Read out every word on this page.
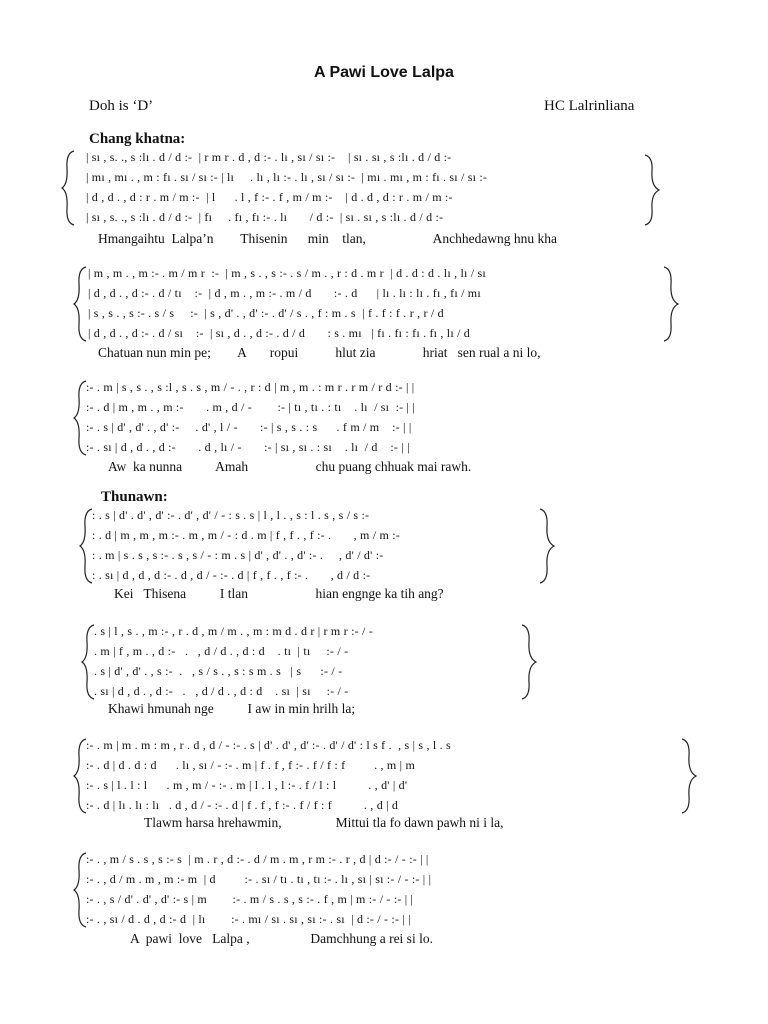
A Pawi Love Lalpa
Doh is ‘D’	HC Lalrinliana
Chang khatna:
Thunawn:
| sı , s. ., s :lı . d / d :-  | r m r . d , d :- . lı , sı / sı :-    | sı . sı , s :lı . d / d :-
| mı , mı . , m : fı . sı / sı :- | lı     . lı , lı :- . lı , sı / sı :-  | mı . mı , m : fı . sı / sı :-
| d , d . , d : r . m / m :-  | l      . l , f :- . f , m / m :-    | d . d , d : r . m / m :-
| sı , s. ., s :lı . d / d :-  | fı     . fı , fı :- . lı       / d :-  | sı . sı , s :lı . d / d :-
Hmangaihtu  Lalpa’n        Thisenin      min    tlan,                    Anchhedawng hnu kha
| m , m . , m :- . m / m r  :-  | m , s . , s :- . s / m . , r : d . m r  | d . d : d . lı , lı / sı
| d , d . , d :- . d / tı    :-  | d , m . , m :- . m / d       :- . d      | lı . lı : lı . fı , fı / mı
| s , s . , s :- . s / s     :-  | s , d' . , d' :- . d' / s . , f : m . s  | f . f : f . r , r / d
| d , d . , d :- . d / sı    :-  | sı , d . , d :- . d / d       : s . mı   | fı . fı : fı . fı , lı / d
Chatuan nun min pe;        A       ropui           hlut zia              hriat   sen rual a ni lo,
:- . m | s , s . , s :l , s . s , m / - . , r : d | m , m . : m r . r m / r d :- | |
:- . d | m , m . , m :-       . m , d / -        :- | tı , tı . : tı    . lı  / sı  :- | |
:- . s | d' , d' . , d' :-     . d' , l / -       :- | s , s . : s      . f m / m    :- | |
:- . sı | d , d . , d :-       . d , lı / -       :- | sı , sı . : sı    . lı  / d    :- | |
Aw  ka nunna          Amah                    chu puang chhuak mai rawh.
: . s | d' . d' , d' :- . d' , d' / - : s . s | l , l . , s : l . s , s / s :-
: . d | m , m , m :- . m , m / - : d . m | f , f . , f :- .       , m / m :-
: . m | s . s , s :- . s , s / - : m . s | d' , d' . , d' :- .     , d' / d' :-
: . sı | d , d , d :- . d , d / - :- . d | f , f . , f :- .       , d / d :-
Kei   Thisena          I tlan                    hian engnge ka tih ang?
. s | l , s . , m :- , r . d , m / m . , m : m d . d r | r m r :- / -
. m | f , m . , d :-   .   , d / d . , d : d    . tı  | tı     :- / -
. s | d' , d' . , s :-  .   , s / s . , s : s m . s   | s      :- / -
. sı | d , d . , d :-   .   , d / d . , d : d    . sı  | sı     :- / -
Khawi hmunah nge          I aw in min hrilh la;
:- . m | m . m : m , r . d , d / - :- . s | d' . d' , d' :- . d' / d' : l s f .  , s | s , l . s
:- . d | d . d : d      . lı , sı / - :- . m | f . f , f :- . f / f : f         . , m | m
:- . s | l . l : l      . m , m / - :- . m | l . l , l :- . f / l : l          . , d' | d'
:- . d | lı . lı : lı   . d , d / - :- . d | f . f , f :- . f / f : f          . , d | d
Tlawm harsa hrehawmin,                Mittui tla fo dawn pawh ni i la,
:- . , m / s . s , s :- s  | m . r , d :- . d / m . m , r m :- . r , d | d :- / - :- | |
:- . , d / m . m , m :- m  | d         :- . sı / tı . tı , tı :- . lı , sı | sı :- / - :- | |
:- . , s / d' . d' , d' :- s | m        :- . m / s . s , s :- . f , m | m :- / - :- | |
:- . , sı / d . d , d :- d  | lı        :- . mı / sı . sı , sı :- . sı  | d :- / - :- | |
A  pawi  love   Lalpa ,                  Damchhung a rei si lo.
